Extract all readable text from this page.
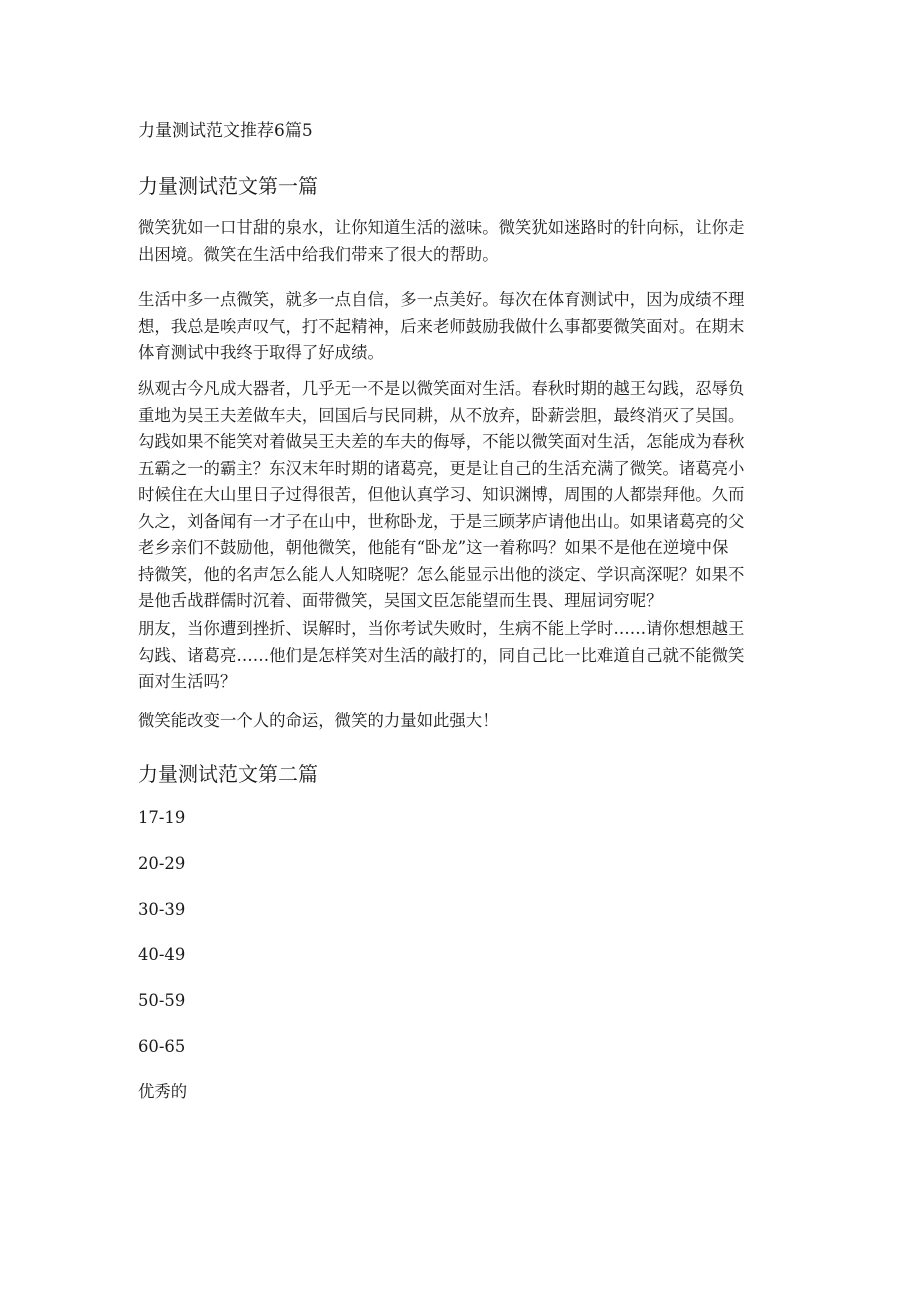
力量测试范文推荐6篇5
力量测试范文第一篇

微笑犹如一口甘甜的泉水，让你知道生活的滋味。微笑犹如迷路时的针向标，让你走
出困境。微笑在生活中给我们带来了很大的帮助。

生活中多一点微笑，就多一点自信，多一点美好。每次在体育测试中，因为成绩不理
想，我总是唉声叹气，打不起精神，后来老师鼓励我做什么事都要微笑面对。在期末
体育测试中我终于取得了好成绩。

纵观古今凡成大器者，几乎无一不是以微笑面对生活。春秋时期的越王勾践，忍辱负
重地为吴王夫差做车夫，回国后与民同耕，从不放弃，卧薪尝胆，最终消灭了吴国。
勾践如果不能笑对着做吴王夫差的车夫的侮辱，不能以微笑面对生活，怎能成为春秋
五霸之一的霸主？东汉末年时期的诸葛亮，更是让自己的生活充满了微笑。诸葛亮小
时候住在大山里日子过得很苦，但他认真学习、知识渊博，周围的人都崇拜他。久而
久之，刘备闻有一才子在山中，世称卧龙，于是三顾茅庐请他出山。如果诸葛亮的父
老乡亲们不鼓励他，朝他微笑，他能有“卧龙”这一着称吗？如果不是他在逆境中保
持微笑，他的名声怎么能人人知晓呢？怎么能显示出他的淡定、学识高深呢？如果不
是他舌战群儒时沉着、面带微笑，吴国文臣怎能望而生畏、理屈词穷呢？

朋友，当你遭到挫折、误解时，当你考试失败时，生病不能上学时……请你想想越王
勾践、诸葛亮……他们是怎样笑对生活的敲打的，同自己比一比难道自己就不能微笑
面对生活吗？

微笑能改变一个人的命运，微笑的力量如此强大！

力量测试范文第二篇
17-19
20-29
30-39
40-49
50-59
60-65
优秀的
